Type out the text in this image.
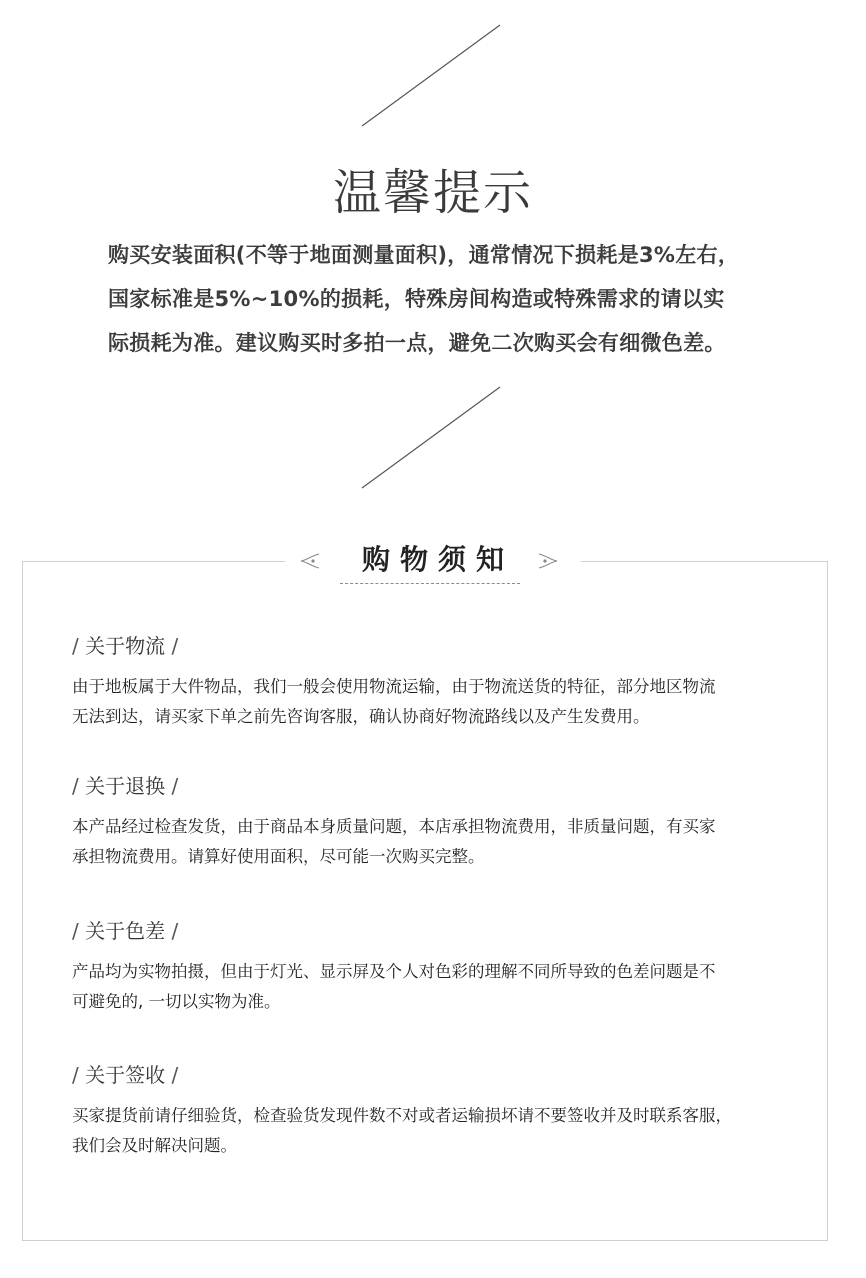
温馨提示
购买安装面积(不等于地面测量面积)，通常情况下损耗是3%左右，
国家标准是5%~10%的损耗，特殊房间构造或特殊需求的请以实
际损耗为准。建议购买时多拍一点，避免二次购买会有细微色差。
购物须知
/ 关于物流 /
由于地板属于大件物品，我们一般会使用物流运输，由于物流送货的特征，部分地区物流
无法到达，请买家下单之前先咨询客服，确认协商好物流路线以及产生发费用。
/ 关于退换 /
本产品经过检查发货，由于商品本身质量问题，本店承担物流费用，非质量问题，有买家
承担物流费用。请算好使用面积，尽可能一次购买完整。
/ 关于色差 /
产品均为实物拍摄，但由于灯光、显示屏及个人对色彩的理解不同所导致的色差问题是不
可避免的, 一切以实物为准。
/ 关于签收 /
买家提货前请仔细验货，检查验货发现件数不对或者运输损坏请不要签收并及时联系客服，
我们会及时解决问题。
